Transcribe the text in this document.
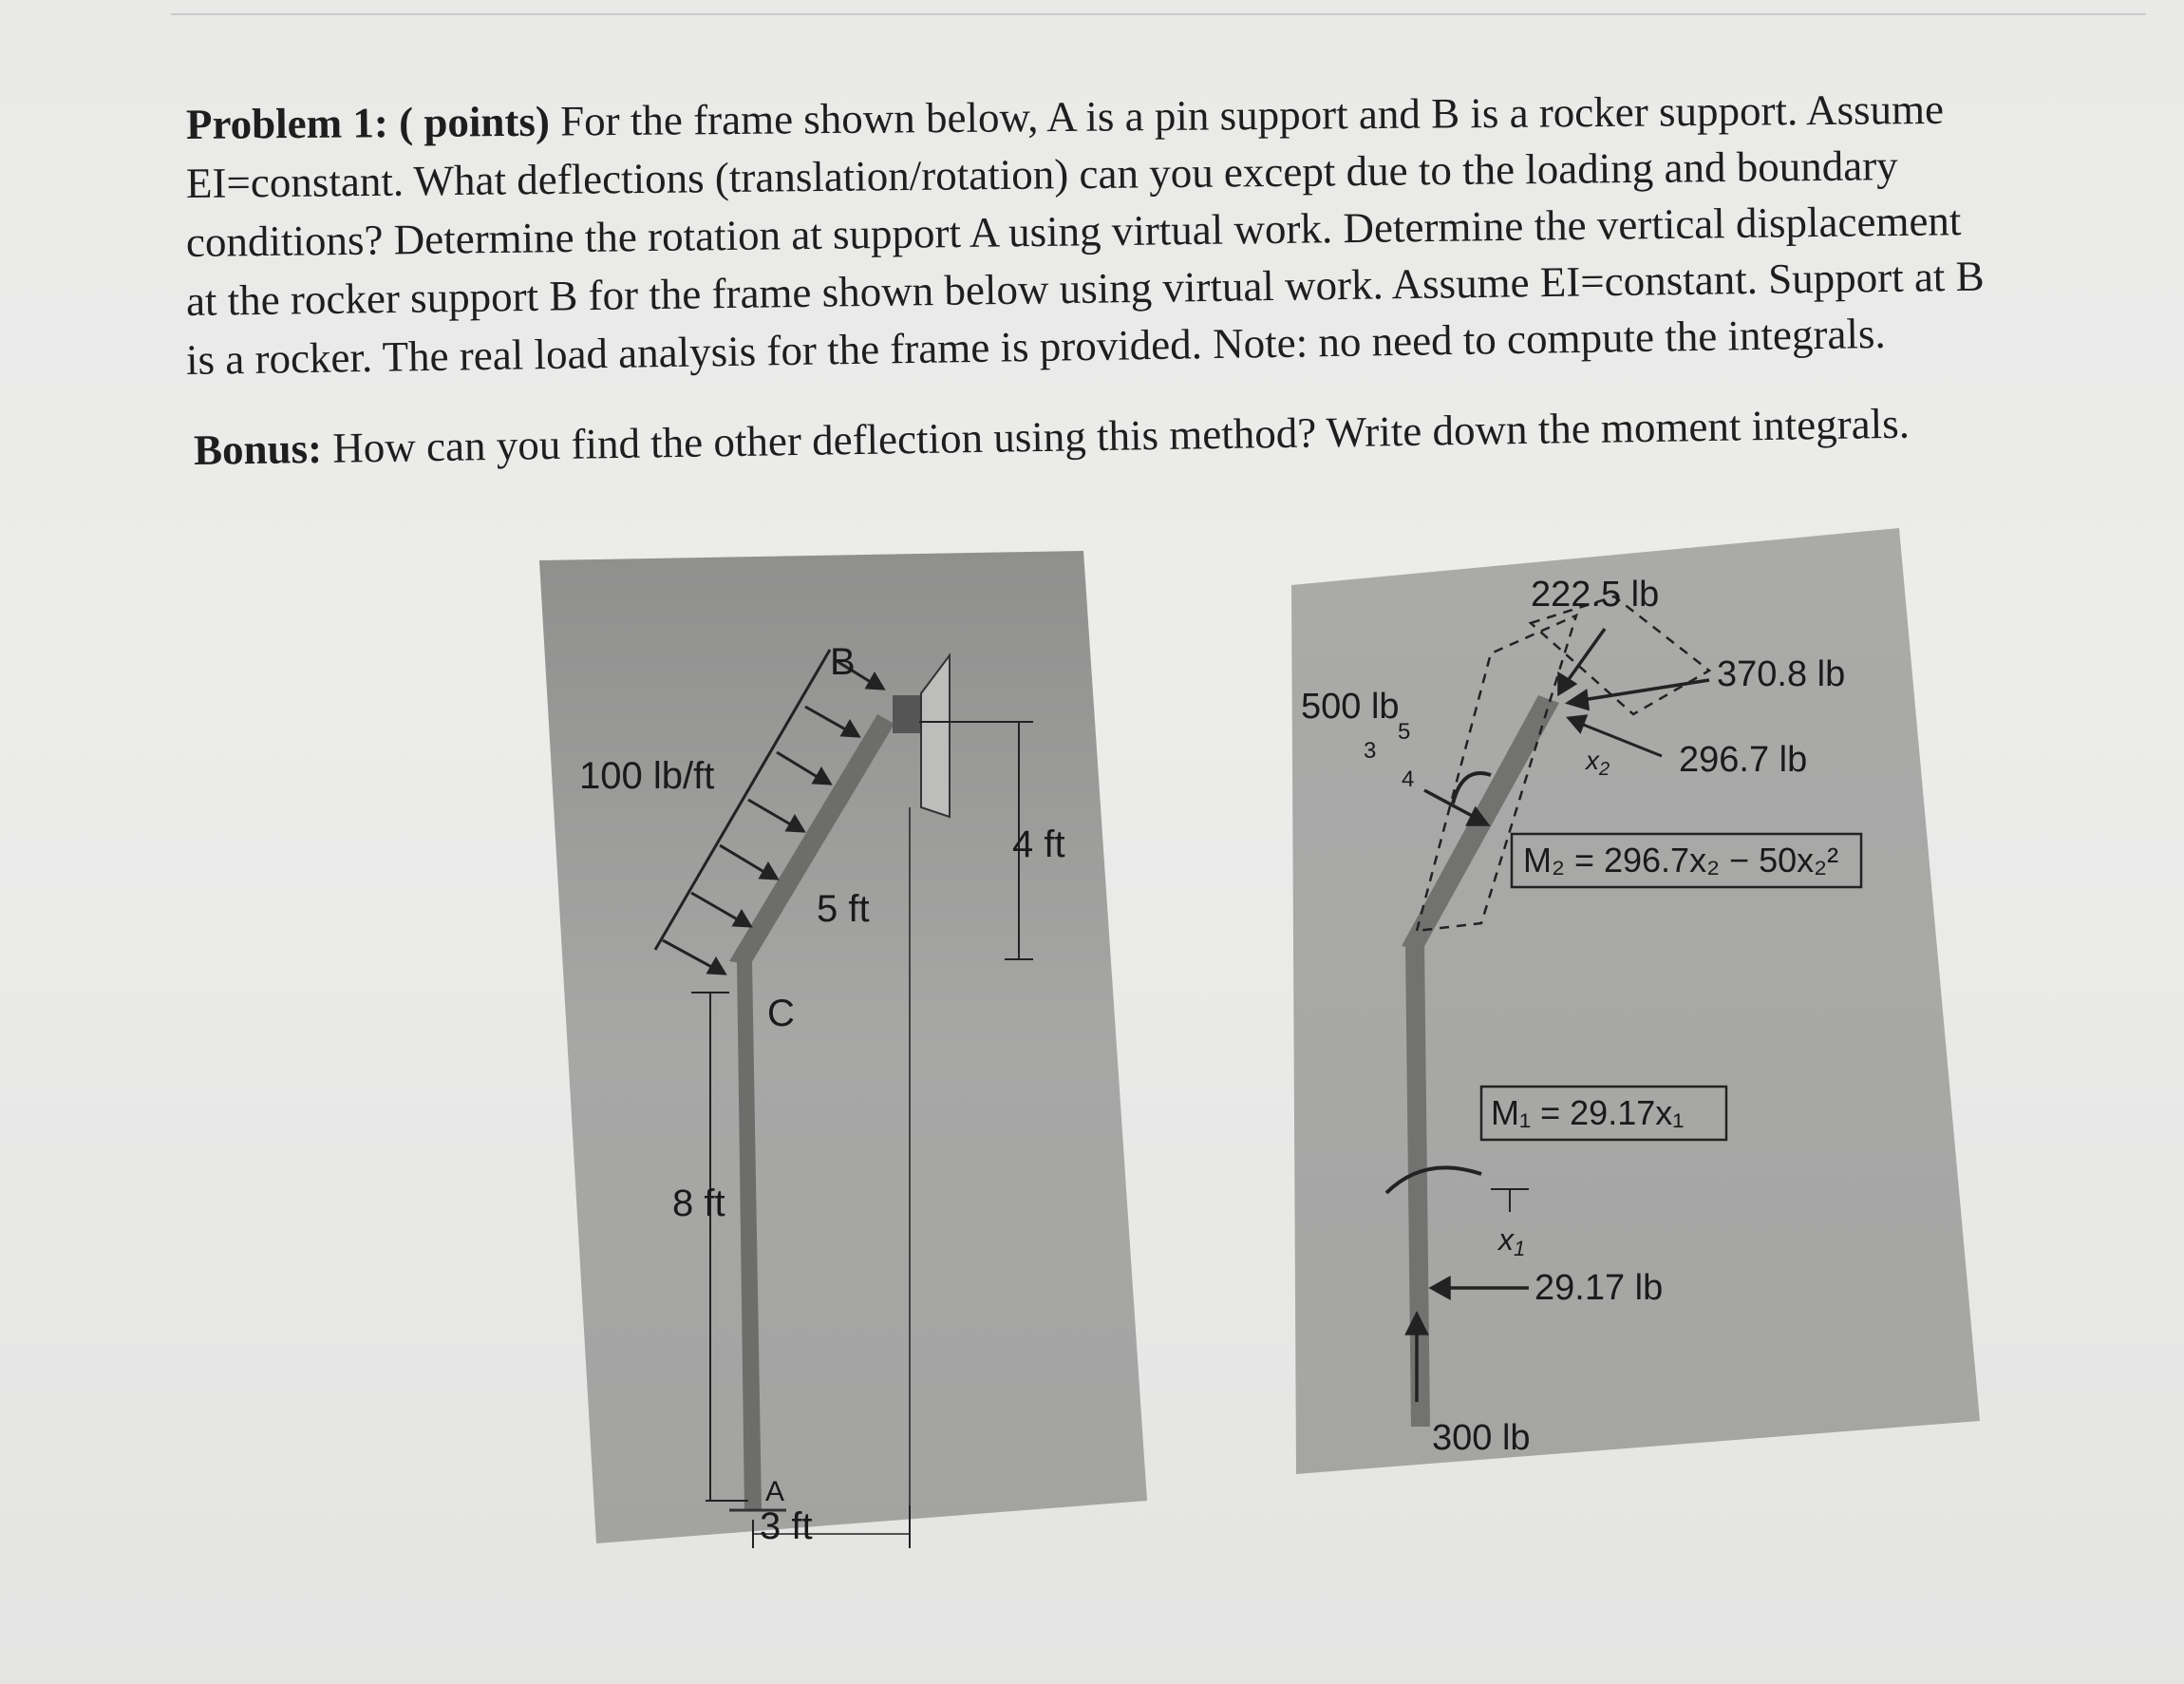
Problem 1: ( points) For the frame shown below, A is a pin support and B is a rocker support. Assume
EI=constant. What deflections (translation/rotation) can you except due to the loading and boundary
conditions? Determine the rotation at support A using virtual work. Determine the vertical displacement
at the rocker support B for the frame shown below using virtual work. Assume EI=constant. Support at B
is a rocker. The real load analysis for the frame is provided. Note: no need to compute the integrals.
Bonus: How can you find the other deflection using this method? Write down the moment integrals.
100 lb/ft
B
C
A
5 ft
4 ft
8 ft
3 ft
222.5 lb
370.8 lb
296.7 lb
500 lb
3
4
5
$x_2$
M₂ = 296.7x₂ − 50x₂²
M₁ = 29.17x₁
x1
29.17 lb
300 lb
